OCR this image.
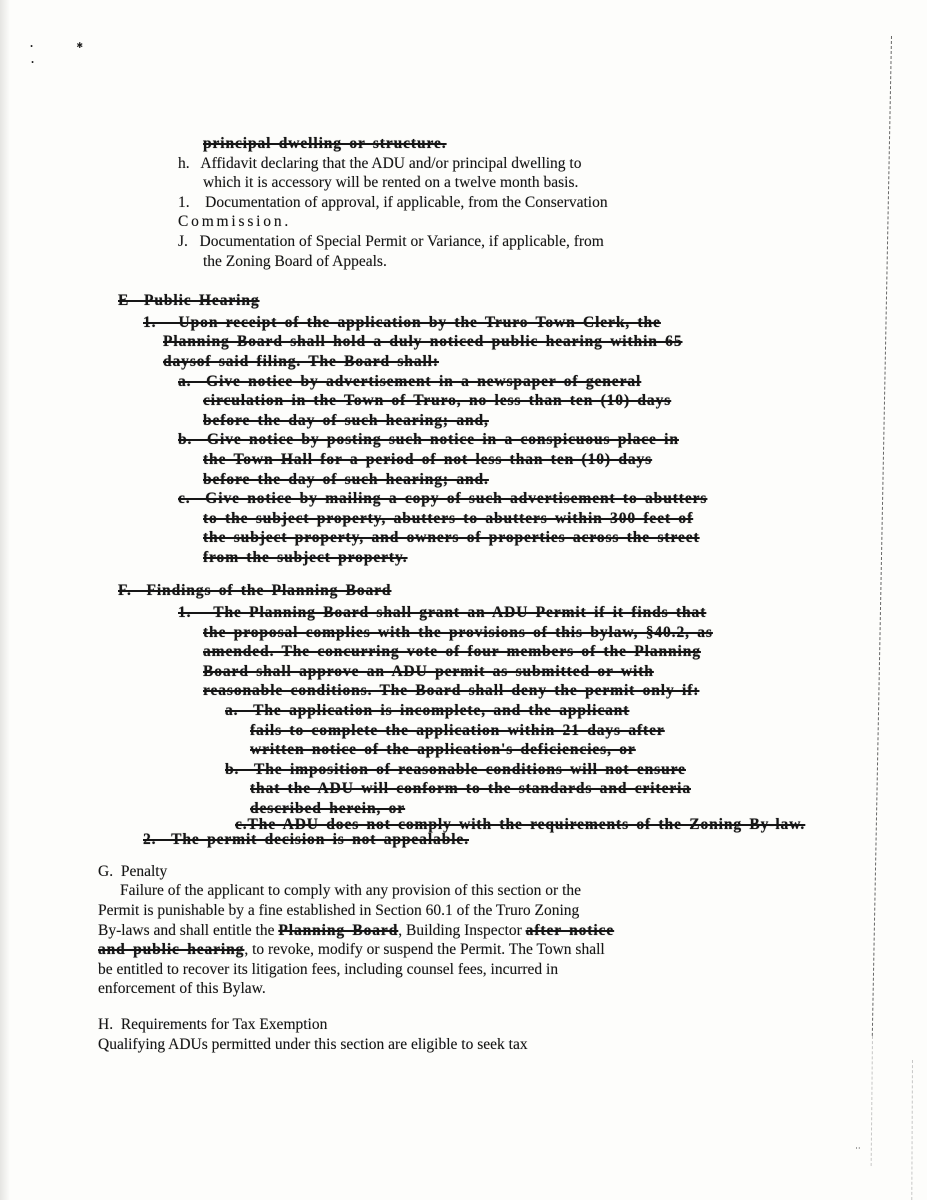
principal dwelling or structure.
h.   Affidavit declaring that the ADU and/or principal dwelling to
which it is accessory will be rented on a twelve month basis.
1.    Documentation of approval, if applicable, from the Conservation
Commission.
J.   Documentation of Special Permit or Variance, if applicable, from
the Zoning Board of Appeals.
E  Public Hearing
1.   Upon receipt of the application by the Truro Town Clerk, the
Planning Board shall hold a duly noticed public hearing within 65
daysof said filing. The Board shall:
a.  Give notice by advertisement in a newspaper of general
circulation in the Town of Truro, no less than ten (10) days
before the day of such hearing; and,
b.  Give notice by posting such notice in a conspicuous place in
the Town Hall for a period of not less than ten (10) days
before the day of such hearing; and.
c.  Give notice by mailing a copy of such advertisement to abutters
to the subject property, abutters to abutters within 300 feet of
the subject property, and owners of properties across the street
from the subject property.
F.  Findings of the Planning Board
1.   The Planning Board shall grant an ADU Permit if it finds that
the proposal complies with the provisions of this bylaw, §40.2, as
amended. The concurring vote of four members of the Planning
Board shall approve an ADU permit as submitted or with
reasonable conditions. The Board shall deny the permit only if:
a.  The application is incomplete, and the applicant
fails to complete the application within 21 days after
written notice of the application's deficiencies, or
b.  The imposition of reasonable conditions will not ensure
that the ADU will conform to the standards and criteria
described herein, or
c.The ADU does not comply with the requirements of the Zoning By-law.
2.  The permit decision is not appealable.
G.  Penalty
Failure of the applicant to comply with any provision of this section or the
Permit is punishable by a fine established in Section 60.1 of the Truro Zoning
By-laws and shall entitle the Planning Board, Building Inspector after notice
and public hearing, to revoke, modify or suspend the Permit. The Town shall
be entitled to recover its litigation fees, including counsel fees, incurred in
enforcement of this Bylaw.
H.  Requirements for Tax Exemption
Qualifying ADUs permitted under this section are eligible to seek tax
•
•
✱
‥
